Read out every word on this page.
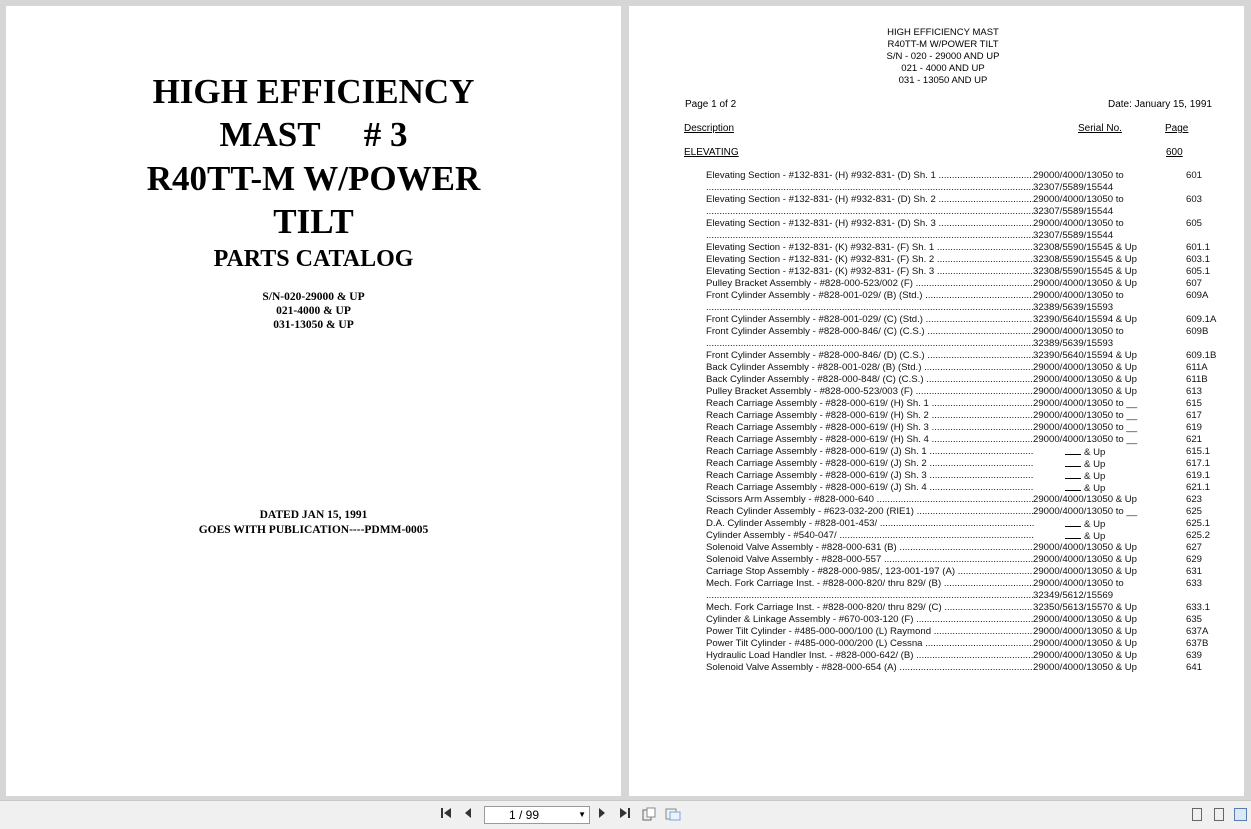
HIGH EFFICIENCY
MAST     # 3
R40TT-M W/POWER
TILT
PARTS CATALOG
S/N-020-29000 & UP
021-4000 & UP
031-13050 & UP
DATED JAN 15, 1991
GOES WITH PUBLICATION----PDMM-0005
HIGH EFFICIENCY MAST
R40TT-M W/POWER TILT
S/N - 020 - 29000 AND UP
021 - 4000 AND UP
031 - 13050 AND UP
Page 1 of 2	Date: January 15, 1991
Description	Serial No.	Page
ELEVATING	600
Elevating Section - #132-831- (H) #932-831- (D) Sh. 1 .....	29000/4000/13050 to	601
.....
32307/5589/15544
Elevating Section - #132-831- (H) #932-831- (D) Sh. 2 .....	29000/4000/13050 to	603
.....
32307/5589/15544
Elevating Section - #132-831- (H) #932-831- (D) Sh. 3 .....	29000/4000/13050 to	605
.....
32307/5589/15544
Elevating Section - #132-831- (K) #932-831- (F) Sh. 1 .....	32308/5590/15545 & Up	601.1
Elevating Section - #132-831- (K) #932-831- (F) Sh. 2 .....	32308/5590/15545 & Up	603.1
Elevating Section - #132-831- (K) #932-831- (F) Sh. 3 .....	32308/5590/15545 & Up	605.1
Pulley Bracket Assembly - #828-000-523/002 (F) .....	29000/4000/13050 & Up	607
Front Cylinder Assembly - #828-001-029/ (B) (Std.) .....	29000/4000/13050 to	609A
.....
32389/5639/15593
Front Cylinder Assembly - #828-001-029/ (C) (Std.) .....	32390/5640/15594 & Up	609.1A
Front Cylinder Assembly - #828-000-846/ (C) (C.S.) .....	29000/4000/13050 to	609B
.....
32389/5639/15593
Front Cylinder Assembly - #828-000-846/ (D) (C.S.) .....	32390/5640/15594 & Up	609.1B
Back Cylinder Assembly - #828-001-028/ (B) (Std.) .....	29000/4000/13050 & Up	611A
Back Cylinder Assembly - #828-000-848/ (C) (C.S.) .....	29000/4000/13050 & Up	611B
Pulley Bracket Assembly - #828-000-523/003 (F) .....	29000/4000/13050 & Up	613
Reach Carriage Assembly - #828-000-619/ (H) Sh. 1 .....	29000/4000/13050 to __	615
Reach Carriage Assembly - #828-000-619/ (H) Sh. 2 .....	29000/4000/13050 to __	617
Reach Carriage Assembly - #828-000-619/ (H) Sh. 3 .....	29000/4000/13050 to __	619
Reach Carriage Assembly - #828-000-619/ (H) Sh. 4 .....	29000/4000/13050 to __	621
Reach Carriage Assembly - #828-000-619/ (J) Sh. 1 .....	& Up	615.1
Reach Carriage Assembly - #828-000-619/ (J) Sh. 2 .....	& Up	617.1
Reach Carriage Assembly - #828-000-619/ (J) Sh. 3 .....	& Up	619.1
Reach Carriage Assembly - #828-000-619/ (J) Sh. 4 .....	& Up	621.1
Scissors Arm Assembly - #828-000-640 .....	29000/4000/13050 & Up	623
Reach Cylinder Assembly - #623-032-200 (RIE1) .....	29000/4000/13050 to __	625
D.A. Cylinder Assembly - #828-001-453/ .....	& Up	625.1
Cylinder Assembly - #540-047/ .....	& Up	625.2
Solenoid Valve Assembly - #828-000-631 (B) .....	29000/4000/13050 & Up	627
Solenoid Valve Assembly - #828-000-557 .....	29000/4000/13050 & Up	629
Carriage Stop Assembly - #828-000-985/, 123-001-197 (A) .....	29000/4000/13050 & Up	631
Mech. Fork Carriage Inst. - #828-000-820/ thru 829/ (B) .....	29000/4000/13050 to	633
.....
32349/5612/15569
Mech. Fork Carriage Inst. - #828-000-820/ thru 829/ (C) .....	32350/5613/15570 & Up	633.1
Cylinder & Linkage Assembly - #670-003-120 (F) .....	29000/4000/13050 & Up	635
Power Tilt Cylinder - #485-000-000/100 (L) Raymond .....	29000/4000/13050 & Up	637A
Power Tilt Cylinder - #485-000-000/200 (L) Cessna .....	29000/4000/13050 & Up	637B
Hydraulic Load Handler Inst. - #828-000-642/ (B) .....	29000/4000/13050 & Up	639
Solenoid Valve Assembly - #828-000-654 (A) .....	29000/4000/13050 & Up	641
1 / 99	▼
